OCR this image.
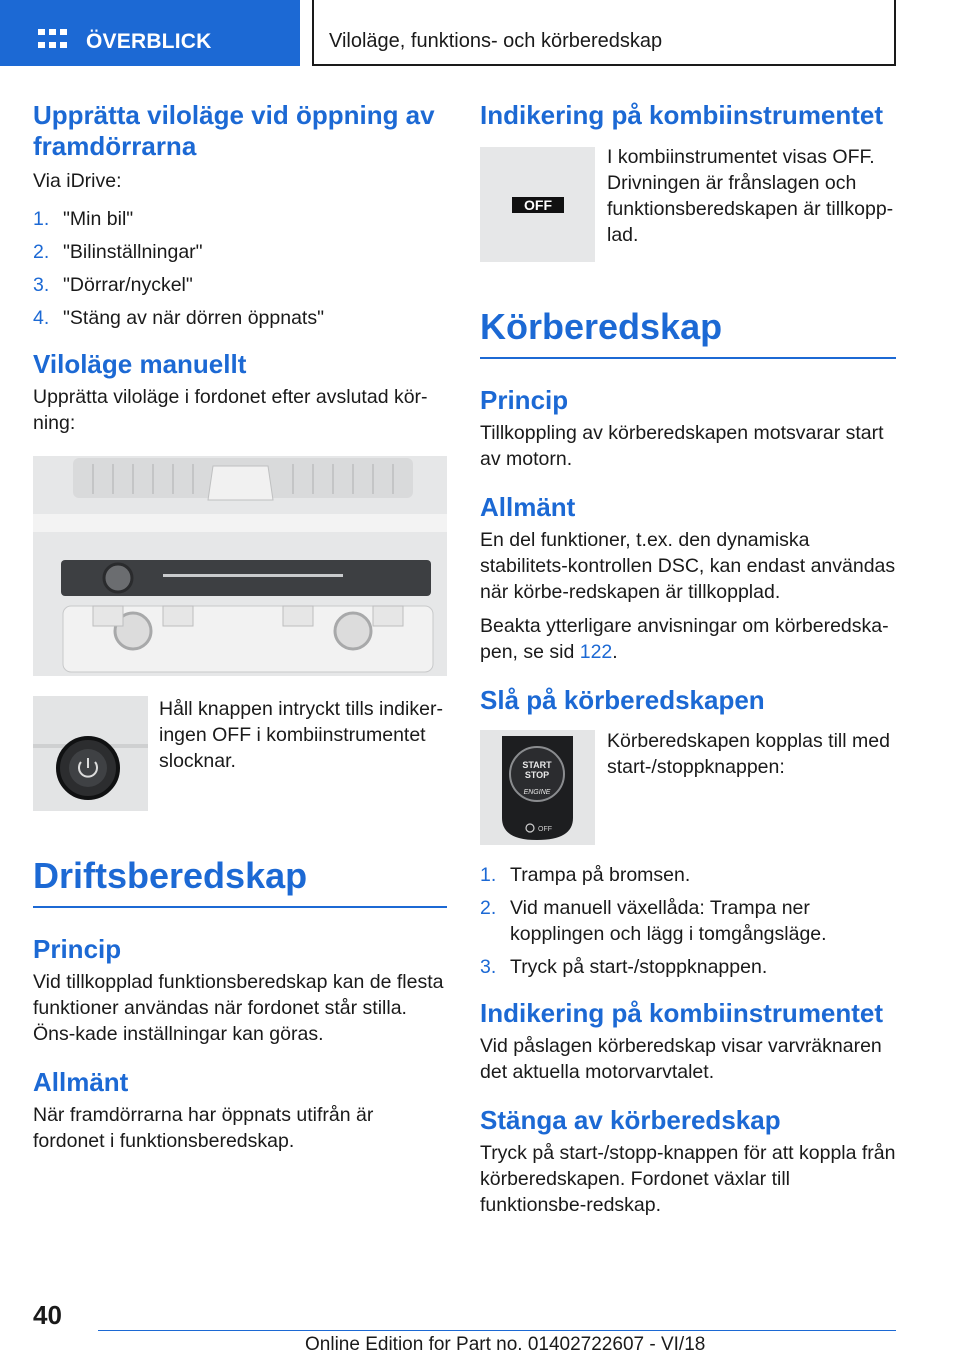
ÖVERBLICK	Viloläge, funktions- och körberedskap
Upprätta viloläge vid öppning av framdörrarna

Via iDrive:

1. "Min bil"
2. "Bilinställningar"
3. "Dörrar/nyckel"
4. "Stäng av när dörren öppnats"
Viloläge manuellt

Upprätta viloläge i fordonet efter avslutad kör-ning:

Håll knappen intryckt tills indiker-ingen OFF i kombiinstrumentet slocknar.

Driftsberedskap
Princip

Vid tillkopplad funktionsberedskap kan de flesta funktioner användas när fordonet står stilla. Öns-kade inställningar kan göras.

Allmänt

När framdörrarna har öppnats utifrån är fordonet i funktionsberedskap.

Indikering på kombiinstrumentet
OFF

I kombiinstrumentet visas OFF. Drivningen är frånslagen och funktionsberedskapen är tillkopp-lad.

Körberedskap
Princip

Tillkoppling av körberedskapen motsvarar start av motorn.

Allmänt

En del funktioner, t.ex. den dynamiska stabilitets-kontrollen DSC, kan endast användas när körbe-redskapen är tillkopplad.

Beakta ytterligare anvisningar om körberedska-pen, se sid 122.

Slå på körberedskapen
START
STOP
ENGINE
OFF

Körberedskapen kopplas till med start-/stoppknappen:

1. Trampa på bromsen.
2. Vid manuell växellåda: Trampa ner kopplingen och lägg i tomgångsläge.
3. Tryck på start-/stoppknappen.
Indikering på kombiinstrumentet

Vid påslagen körberedskap visar varvräknaren det aktuella motorvarvtalet.

Stänga av körberedskap

Tryck på start-/stopp-knappen för att koppla från körberedskapen. Fordonet växlar till funktionsbe-redskap.

40
Online Edition for Part no. 01402722607 - VI/18
